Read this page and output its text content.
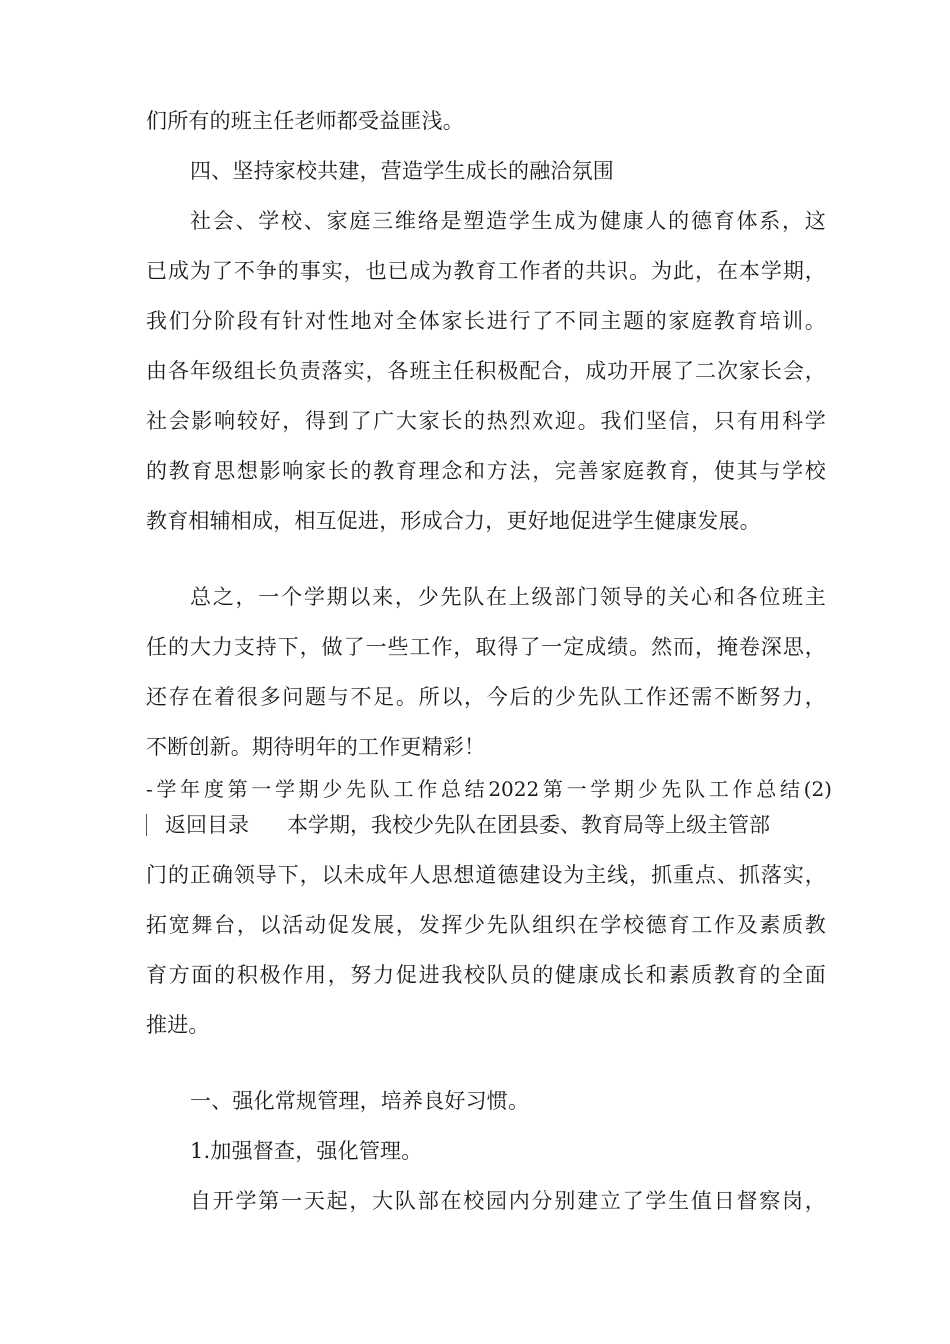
们所有的班主任老师都受益匪浅。
四、坚持家校共建，营造学生成长的融洽氛围
社会、学校、家庭三维络是塑造学生成为健康人的德育体系，这
已成为了不争的事实，也已成为教育工作者的共识。为此，在本学期，
我们分阶段有针对性地对全体家长进行了不同主题的家庭教育培训。
由各年级组长负责落实，各班主任积极配合，成功开展了二次家长会，
社会影响较好，得到了广大家长的热烈欢迎。我们坚信，只有用科学
的教育思想影响家长的教育理念和方法，完善家庭教育，使其与学校
教育相辅相成，相互促进，形成合力，更好地促进学生健康发展。
总之，一个学期以来，少先队在上级部门领导的关心和各位班主
任的大力支持下，做了一些工作，取得了一定成绩。然而，掩卷深思，
还存在着很多问题与不足。所以，今后的少先队工作还需不断努力，
不断创新。期待明年的工作更精彩！
-学年度第一学期少先队工作总结2022第一学期少先队工作总结(2)
返回目录 本学期，我校少先队在团县委、教育局等上级主管部
门的正确领导下，以未成年人思想道德建设为主线，抓重点、抓落实，
拓宽舞台，以活动促发展，发挥少先队组织在学校德育工作及素质教
育方面的积极作用，努力促进我校队员的健康成长和素质教育的全面
推进。
一、强化常规管理，培养良好习惯。
1.加强督查，强化管理。
自开学第一天起，大队部在校园内分别建立了学生值日督察岗，
